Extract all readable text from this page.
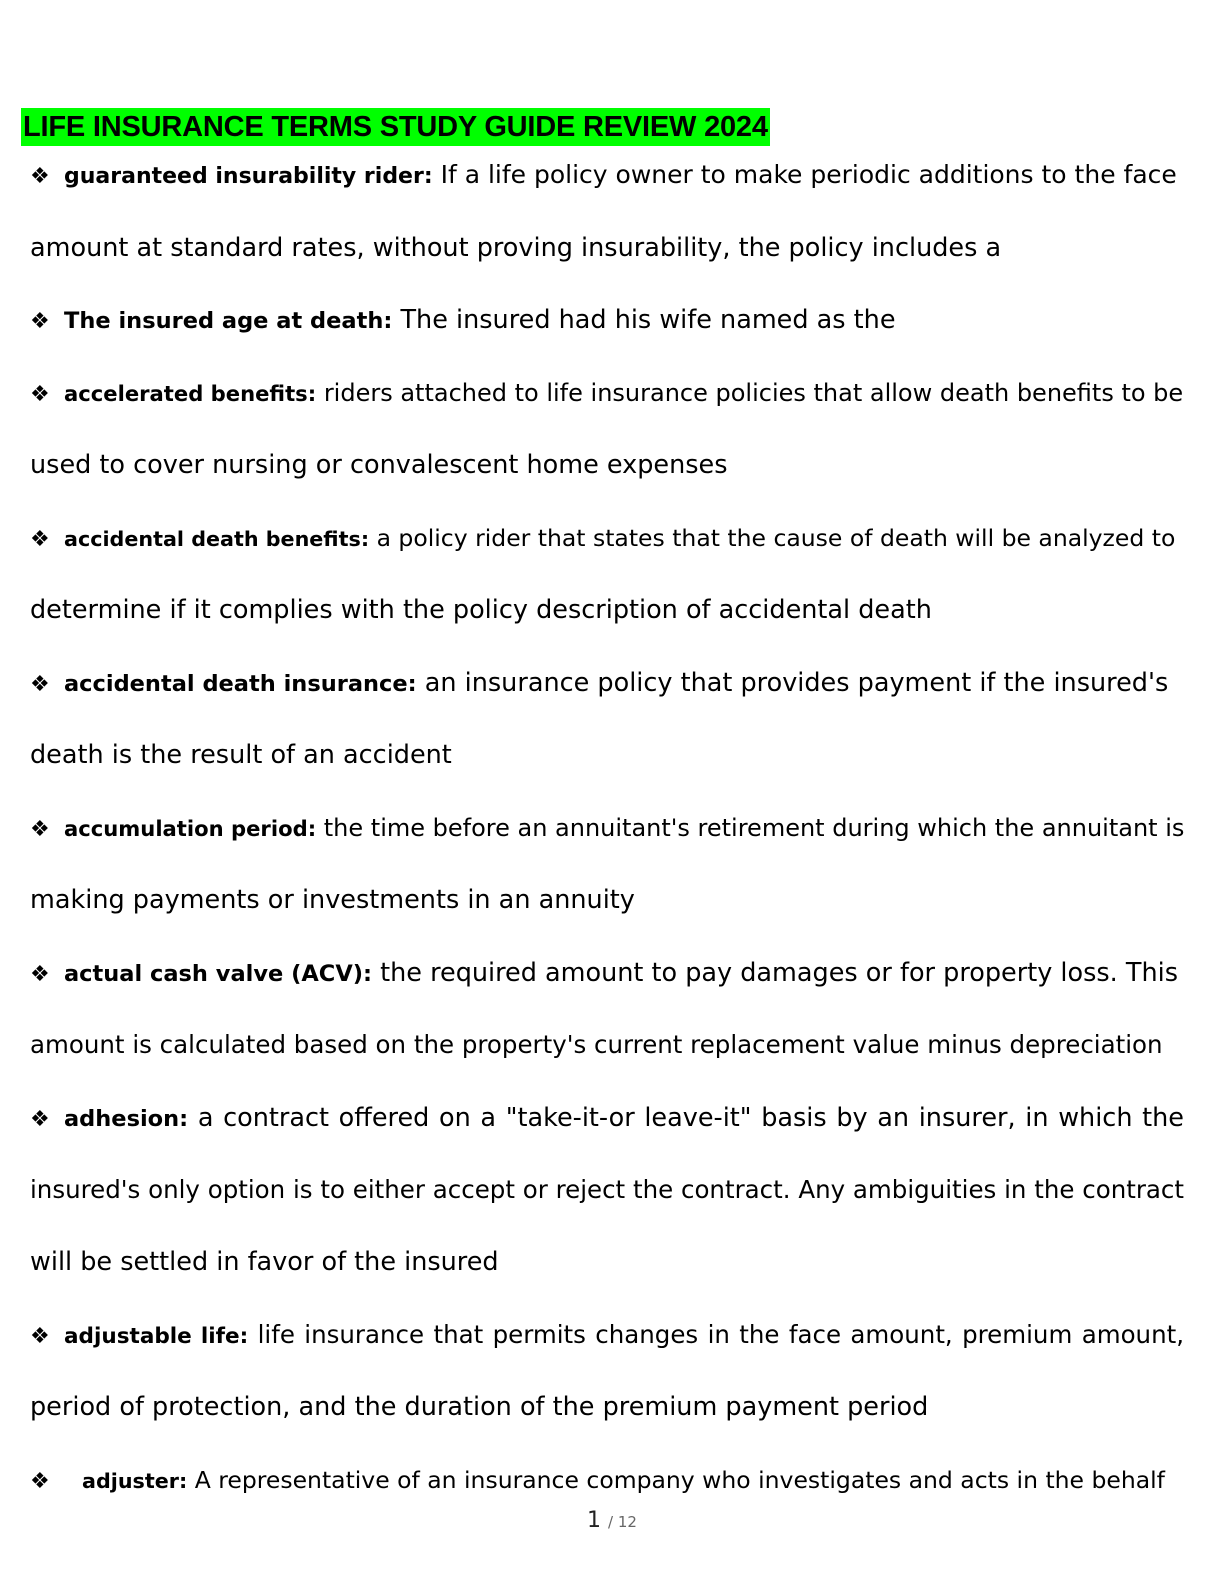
LIFE INSURANCE TERMS STUDY GUIDE REVIEW 2024
❖ guaranteed insurability rider: If a life policy owner to make periodic additions to the face
amount at standard rates, without proving insurability, the policy includes a
❖ The insured age at death: The insured had his wife named as the
❖ accelerated benefits: riders attached to life insurance policies that allow death benefits to be
used to cover nursing or convalescent home expenses
❖ accidental death benefits: a policy rider that states that the cause of death will be analyzed to
determine if it complies with the policy description of accidental death
❖ accidental death insurance: an insurance policy that provides payment if the insured's
death is the result of an accident
❖ accumulation period: the time before an annuitant's retirement during which the annuitant is
making payments or investments in an annuity
❖ actual cash valve (ACV): the required amount to pay damages or for property loss. This
amount is calculated based on the property's current replacement value minus depreciation
❖ adhesion: a contract offered on a "take-it-or leave-it" basis by an insurer, in which the
insured's only option is to either accept or reject the contract. Any ambiguities in the contract
will be settled in favor of the insured
❖ adjustable life: life insurance that permits changes in the face amount, premium amount,
period of protection, and the duration of the premium payment period
❖ adjuster: A representative of an insurance company who investigates and acts in the behalf
1 / 12
